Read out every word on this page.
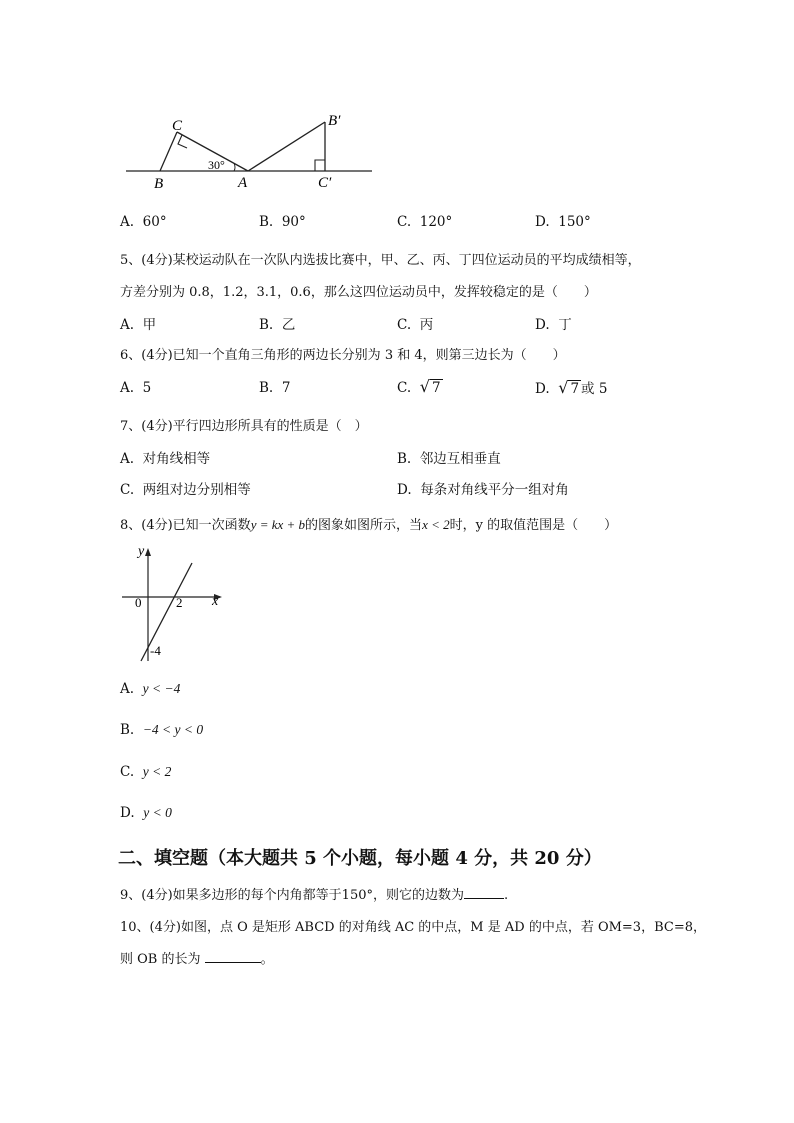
C
B	A
B′
C′
30°
A. 60°	B. 90°	C. 120°	D. 150°
5、(4分)某校运动队在一次队内选拔比赛中，甲、乙、丙、丁四位运动员的平均成绩相等，
方差分别为 0.8，1.2，3.1，0.6，那么这四位运动员中，发挥较稳定的是（　　）
A. 甲	B. 乙	C. 丙	D. 丁
6、(4分)已知一个直角三角形的两边长分别为 3 和 4，则第三边长为（　　）
A. 5	B. 7	C. √ 7	D. √ 7 或 5
7、(4分)平行四边形所具有的性质是（　）
A. 对角线相等	B. 邻边互相垂直
C. 两组对边分别相等	D. 每条对角线平分一组对角
8、(4分)已知一次函数y = kx + b的图象如图所示，当x < 2时，y 的取值范围是（　　）
y
x
0	2
-4
A. y < −4
B. −4 < y < 0
C. y < 2
D. y < 0
二、填空题（本大题共 5 个小题，每小题 4 分，共 20 分）
9、(4分)如果多边形的每个内角都等于150°，则它的边数为	.
10、(4分)如图，点 O 是矩形 ABCD 的对角线 AC 的中点，M 是 AD 的中点，若 OM=3，BC=8，
则 OB 的长为	。
